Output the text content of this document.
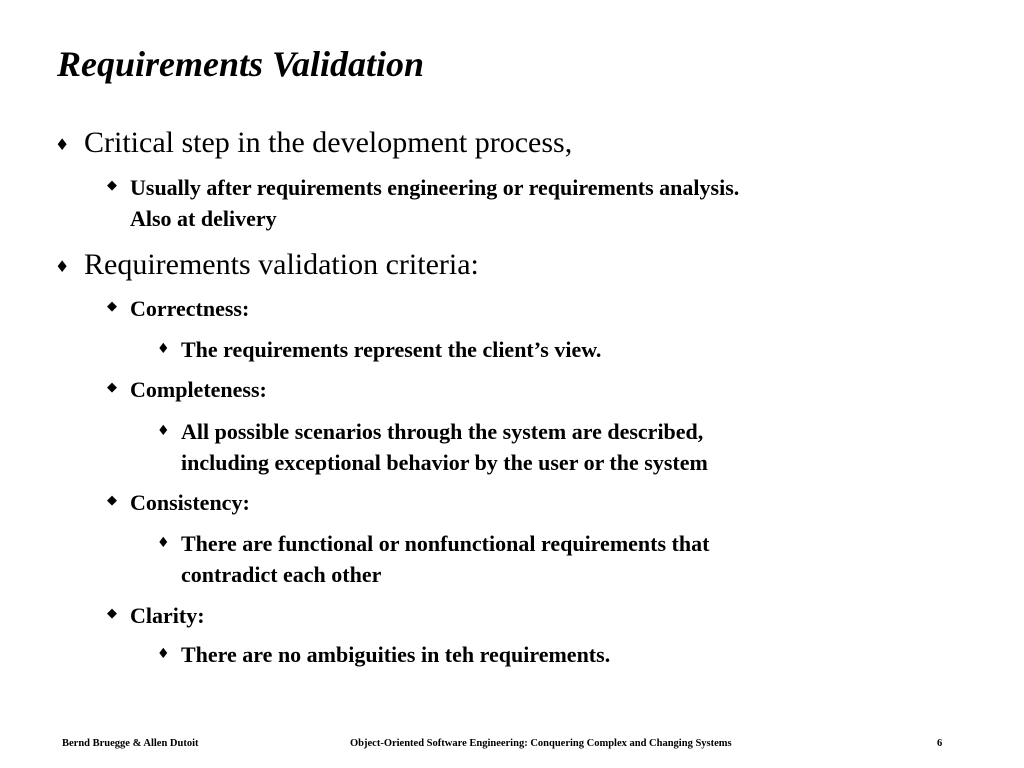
Requirements Validation
♦ Critical step in the development process,
◆ Usually after requirements engineering or requirements analysis.
Also at delivery
♦ Requirements validation criteria:
◆ Correctness:
♦ The requirements represent the client’s view.
◆ Completeness:
♦ All possible scenarios through the system are described,
including exceptional behavior by the user or the system
◆ Consistency:
♦ There are functional or nonfunctional requirements that
contradict each other
◆ Clarity:
♦ There are no ambiguities in teh requirements.
Bernd Bruegge & Allen Dutoit	Object-Oriented Software Engineering: Conquering Complex and Changing Systems	6
